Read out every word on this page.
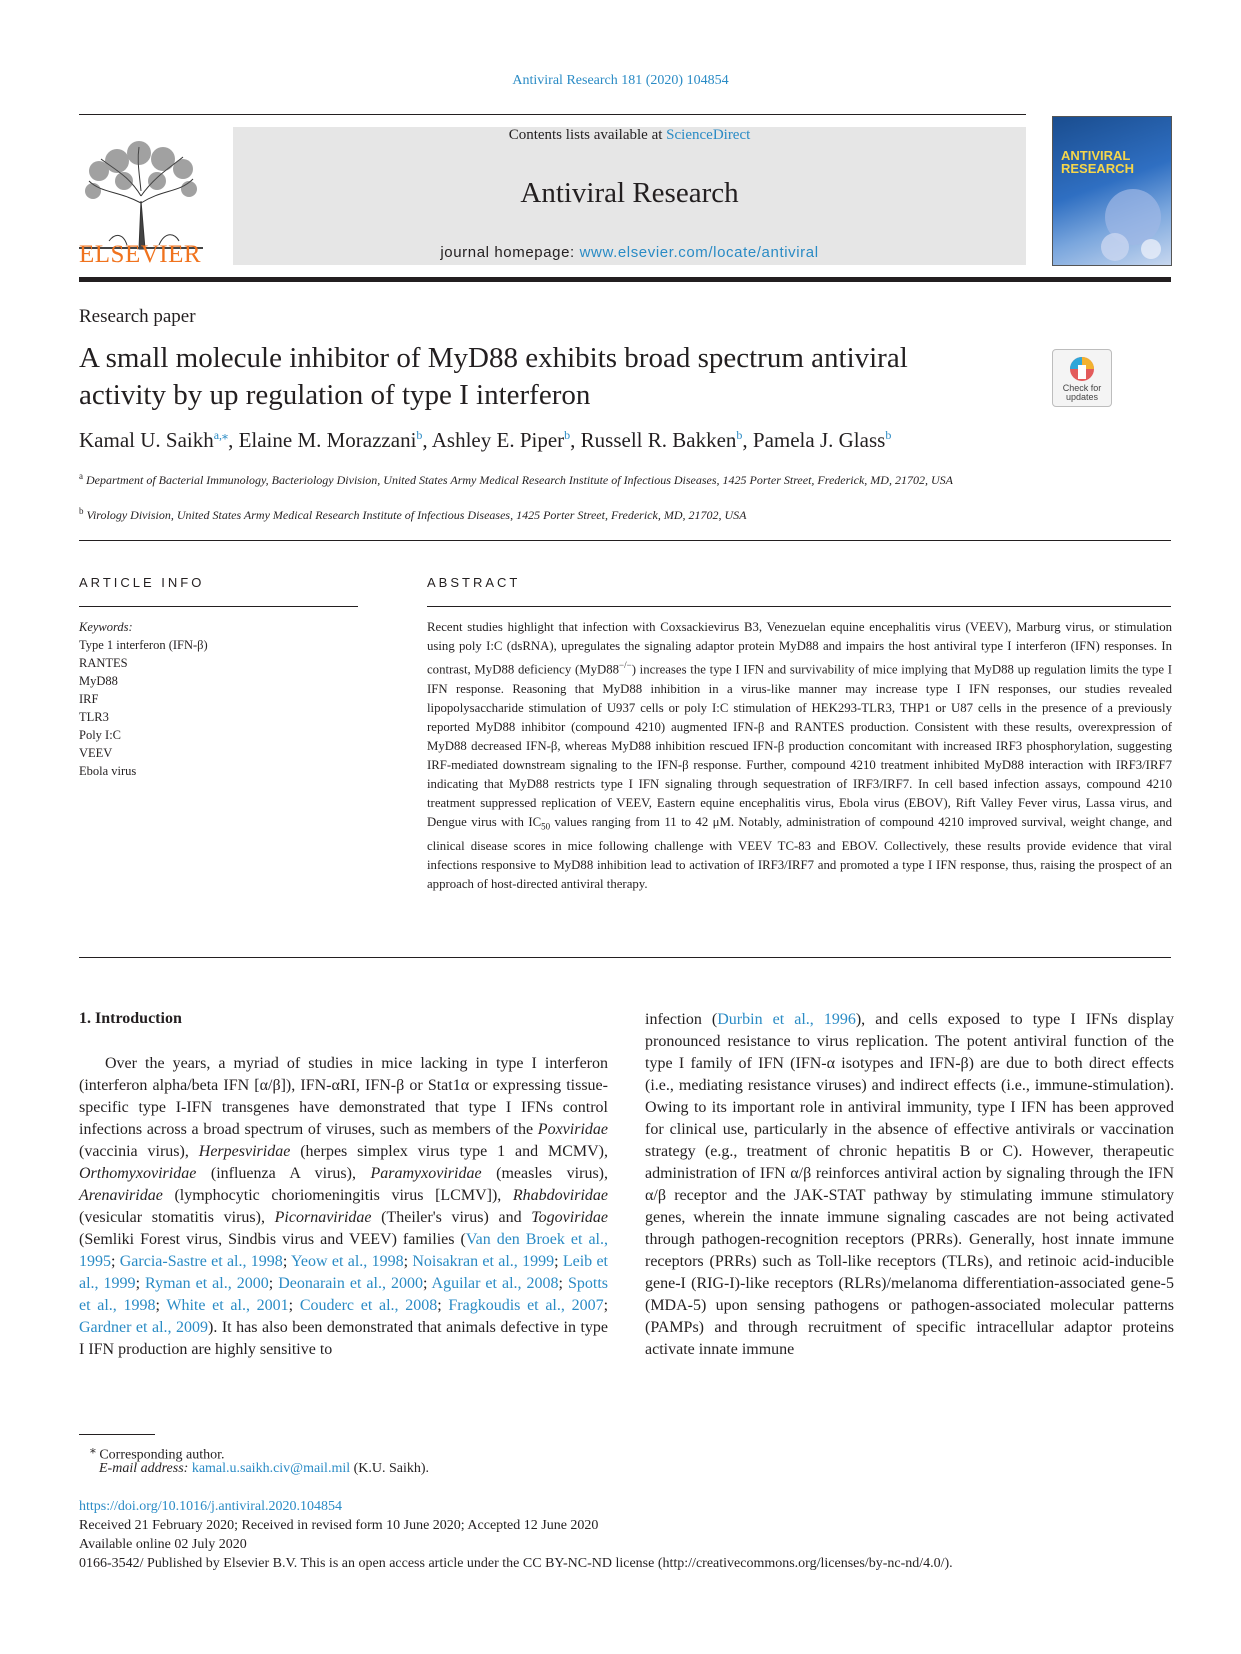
Antiviral Research 181 (2020) 104854
ELSEVIER
Contents lists available at ScienceDirect
Antiviral Research
journal homepage: www.elsevier.com/locate/antiviral
ANTIVIRAL RESEARCH
Research paper
A small molecule inhibitor of MyD88 exhibits broad spectrum antiviral activity by up regulation of type I interferon	Check for updates
Kamal U. Saikh$^{a,⁎}$, Elaine M. Morazzani$^b$, Ashley E. Piper$^b$, Russell R. Bakken$^b$, Pamela J. Glass$^b$
$^a$ Department of Bacterial Immunology, Bacteriology Division, United States Army Medical Research Institute of Infectious Diseases, 1425 Porter Street, Frederick, MD, 21702, USA
$^b$ Virology Division, United States Army Medical Research Institute of Infectious Diseases, 1425 Porter Street, Frederick, MD, 21702, USA
ARTICLE INFO
Keywords:
Type 1 interferon (IFN-β)
RANTES
MyD88
IRF
TLR3
Poly I:C
VEEV
Ebola virus
ABSTRACT
Recent studies highlight that infection with Coxsackievirus B3, Venezuelan equine encephalitis virus (VEEV), Marburg virus, or stimulation using poly I:C (dsRNA), upregulates the signaling adaptor protein MyD88 and impairs the host antiviral type I interferon (IFN) responses. In contrast, MyD88 deficiency (MyD88−/−) increases the type I IFN and survivability of mice implying that MyD88 up regulation limits the type I IFN response. Reasoning that MyD88 inhibition in a virus-like manner may increase type I IFN responses, our studies revealed lipopolysaccharide stimulation of U937 cells or poly I:C stimulation of HEK293-TLR3, THP1 or U87 cells in the presence of a previously reported MyD88 inhibitor (compound 4210) augmented IFN-β and RANTES production. Consistent with these results, overexpression of MyD88 decreased IFN-β, whereas MyD88 inhibition rescued IFN-β production concomitant with increased IRF3 phosphorylation, suggesting IRF-mediated downstream signaling to the IFN-β response. Further, compound 4210 treatment inhibited MyD88 interaction with IRF3/IRF7 indicating that MyD88 restricts type I IFN signaling through sequestration of IRF3/IRF7. In cell based infection assays, compound 4210 treatment suppressed replication of VEEV, Eastern equine encephalitis virus, Ebola virus (EBOV), Rift Valley Fever virus, Lassa virus, and Dengue virus with $IC_{50}$ values ranging from 11 to 42 μM. Notably, administration of compound 4210 improved survival, weight change, and clinical disease scores in mice following challenge with VEEV TC-83 and EBOV. Collectively, these results provide evidence that viral infections responsive to MyD88 inhibition lead to activation of IRF3/IRF7 and promoted a type I IFN response, thus, raising the prospect of an approach of host-directed antiviral therapy.
1. Introduction

Over the years, a myriad of studies in mice lacking in type I interferon (interferon alpha/beta IFN [α/β]), IFN-αRI, IFN-β or Stat1α or expressing tissue-specific type I-IFN transgenes have demonstrated that type I IFNs control infections across a broad spectrum of viruses, such as members of the Poxviridae (vaccinia virus), Herpesviridae (herpes simplex virus type 1 and MCMV), Orthomyxoviridae (influenza A virus), Paramyxoviridae (measles virus), Arenaviridae (lymphocytic choriomeningitis virus [LCMV]), Rhabdoviridae (vesicular stomatitis virus), Picornaviridae (Theiler's virus) and Togoviridae (Semliki Forest virus, Sindbis virus and VEEV) families (Van den Broek et al., 1995; Garcia-Sastre et al., 1998; Yeow et al., 1998; Noisakran et al., 1999; Leib et al., 1999; Ryman et al., 2000; Deonarain et al., 2000; Aguilar et al., 2008; Spotts et al., 1998; White et al., 2001; Couderc et al., 2008; Fragkoudis et al., 2007; Gardner et al., 2009). It has also been demonstrated that animals defective in type I IFN production are highly sensitive to

infection (Durbin et al., 1996), and cells exposed to type I IFNs display pronounced resistance to virus replication. The potent antiviral function of the type I family of IFN (IFN-α isotypes and IFN-β) are due to both direct effects (i.e., mediating resistance viruses) and indirect effects (i.e., immune-stimulation). Owing to its important role in antiviral immunity, type I IFN has been approved for clinical use, particularly in the absence of effective antivirals or vaccination strategy (e.g., treatment of chronic hepatitis B or C). However, therapeutic administration of IFN α/β reinforces antiviral action by signaling through the IFN α/β receptor and the JAK-STAT pathway by stimulating immune stimulatory genes, wherein the innate immune signaling cascades are not being activated through pathogen-recognition receptors (PRRs). Generally, host innate immune receptors (PRRs) such as Toll-like receptors (TLRs), and retinoic acid-inducible gene-I (RIG-I)-like receptors (RLRs)/melanoma differentiation-associated gene-5 (MDA-5) upon sensing pathogens or pathogen-associated molecular patterns (PAMPs) and through recruitment of specific intracellular adaptor proteins activate innate immune

⁎ Corresponding author.
E-mail address: kamal.u.saikh.civ@mail.mil (K.U. Saikh).
https://doi.org/10.1016/j.antiviral.2020.104854
Received 21 February 2020; Received in revised form 10 June 2020; Accepted 12 June 2020
Available online 02 July 2020
0166-3542/ Published by Elsevier B.V. This is an open access article under the CC BY-NC-ND license (http://creativecommons.org/licenses/by-nc-nd/4.0/).
